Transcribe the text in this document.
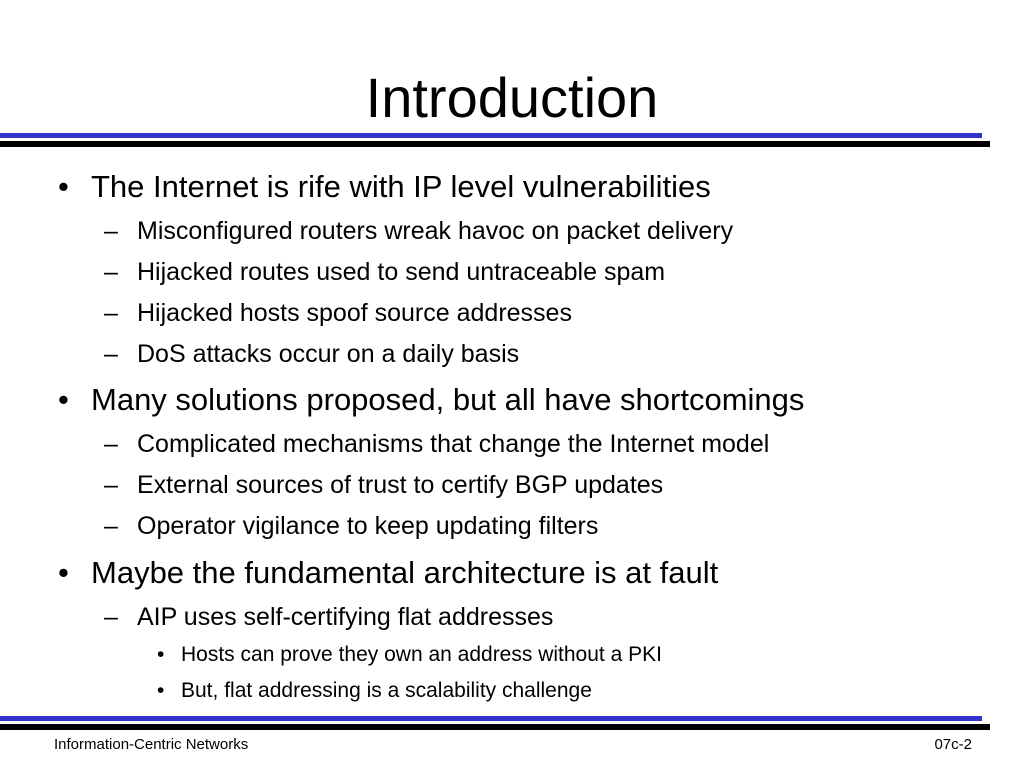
Introduction
• The Internet is rife with IP level vulnerabilities
– Misconfigured routers wreak havoc on packet delivery
– Hijacked routes used to send untraceable spam
– Hijacked hosts spoof source addresses
– DoS attacks occur on a daily basis
• Many solutions proposed, but all have shortcomings
– Complicated mechanisms that change the Internet model
– External sources of trust to certify BGP updates
– Operator vigilance to keep updating filters
• Maybe the fundamental architecture is at fault
– AIP uses self-certifying flat addresses
• Hosts can prove they own an address without a PKI
• But, flat addressing is a scalability challenge
Information-Centric Networks	07c-2
